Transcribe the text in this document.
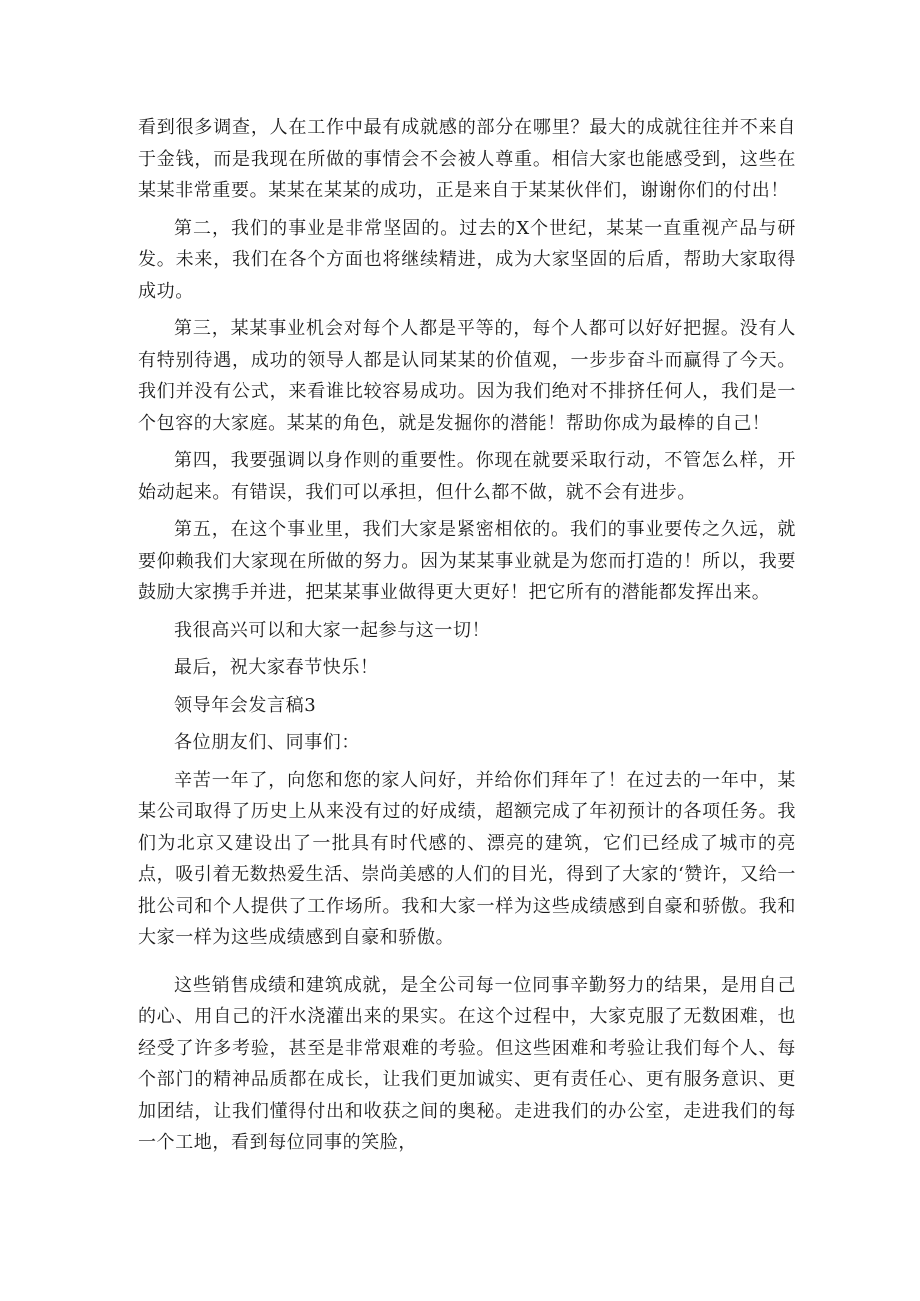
看到很多调查，人在工作中最有成就感的部分在哪里？最大的成就往往并不来自于金钱，而是我现在所做的事情会不会被人尊重。相信大家也能感受到，这些在某某非常重要。某某在某某的成功，正是来自于某某伙伴们，谢谢你们的付出！

第二，我们的事业是非常坚固的。过去的X个世纪，某某一直重视产品与研发。未来，我们在各个方面也将继续精进，成为大家坚固的后盾，帮助大家取得成功。

第三，某某事业机会对每个人都是平等的，每个人都可以好好把握。没有人有特别待遇，成功的领导人都是认同某某的价值观，一步步奋斗而赢得了今天。我们并没有公式，来看谁比较容易成功。因为我们绝对不排挤任何人，我们是一个包容的大家庭。某某的角色，就是发掘你的潜能！帮助你成为最棒的自己！

第四，我要强调以身作则的重要性。你现在就要采取行动，不管怎么样，开始动起来。有错误，我们可以承担，但什么都不做，就不会有进步。

第五，在这个事业里，我们大家是紧密相依的。我们的事业要传之久远，就要仰赖我们大家现在所做的努力。因为某某事业就是为您而打造的！所以，我要鼓励大家携手并进，把某某事业做得更大更好！把它所有的潜能都发挥出来。

我很高兴可以和大家一起参与这一切！

最后，祝大家春节快乐！

领导年会发言稿3

各位朋友们、同事们：

辛苦一年了，向您和您的家人问好，并给你们拜年了！在过去的一年中，某某公司取得了历史上从来没有过的好成绩，超额完成了年初预计的各项任务。我们为北京又建设出了一批具有时代感的、漂亮的建筑，它们已经成了城市的亮点，吸引着无数热爱生活、崇尚美感的人们的目光，得到了大家的‘赞许，又给一批公司和个人提供了工作场所。我和大家一样为这些成绩感到自豪和骄傲。我和大家一样为这些成绩感到自豪和骄傲。

这些销售成绩和建筑成就，是全公司每一位同事辛勤努力的结果，是用自己的心、用自己的汗水浇灌出来的果实。在这个过程中，大家克服了无数困难，也经受了许多考验，甚至是非常艰难的考验。但这些困难和考验让我们每个人、每个部门的精神品质都在成长，让我们更加诚实、更有责任心、更有服务意识、更加团结，让我们懂得付出和收获之间的奥秘。走进我们的办公室，走进我们的每一个工地，看到每位同事的笑脸，
